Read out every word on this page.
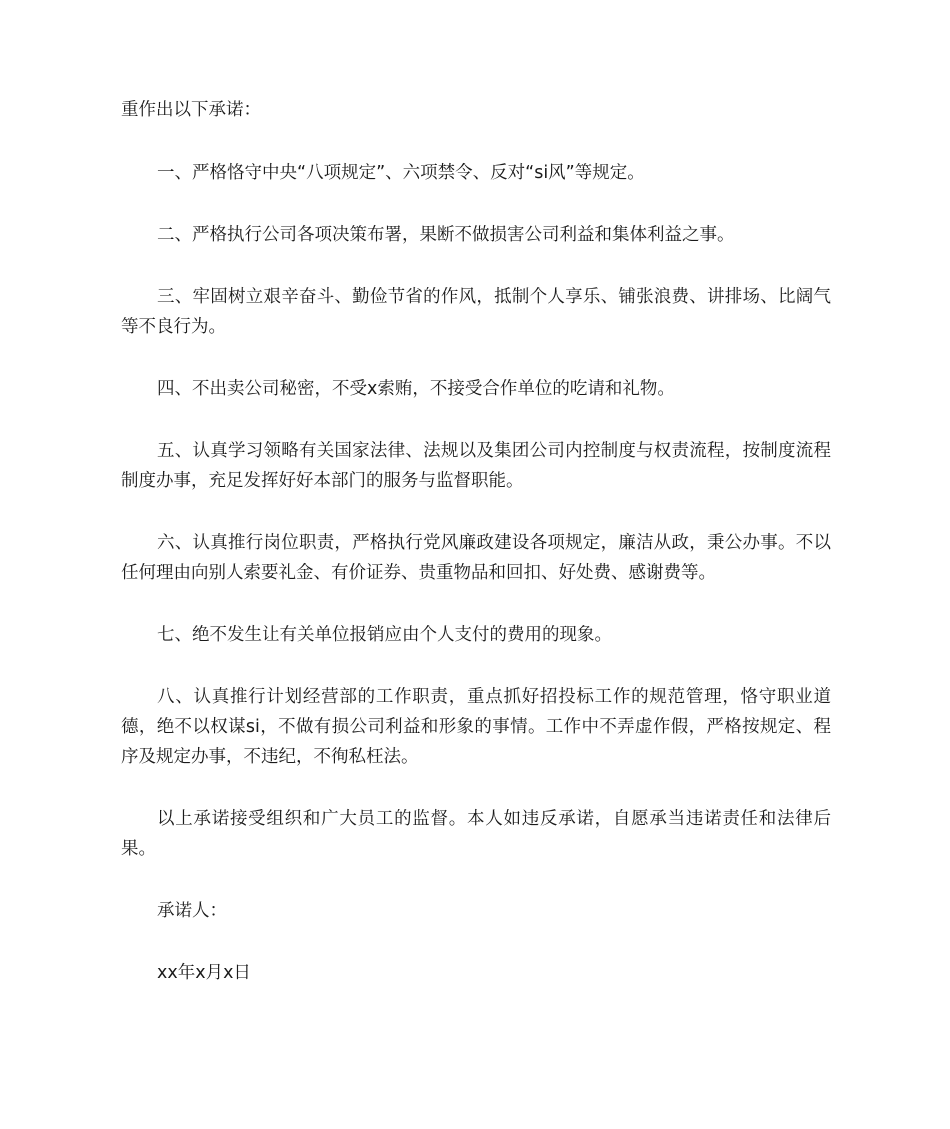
重作出以下承诺：

一、严格恪守中央“八项规定”、六项禁令、反对“si风”等规定。

二、严格执行公司各项决策布署，果断不做损害公司利益和集体利益之事。

三、牢固树立艰辛奋斗、勤俭节省的作风，抵制个人享乐、铺张浪费、讲排场、比阔气等不良行为。

四、不出卖公司秘密，不受x索贿，不接受合作单位的吃请和礼物。

五、认真学习领略有关国家法律、法规以及集团公司内控制度与权责流程，按制度流程制度办事，充足发挥好好本部门的服务与监督职能。

六、认真推行岗位职责，严格执行党风廉政建设各项规定，廉洁从政，秉公办事。不以任何理由向别人索要礼金、有价证券、贵重物品和回扣、好处费、感谢费等。

七、绝不发生让有关单位报销应由个人支付的费用的现象。

八、认真推行计划经营部的工作职责，重点抓好招投标工作的规范管理，恪守职业道德，绝不以权谋si，不做有损公司利益和形象的事情。工作中不弄虚作假，严格按规定、程序及规定办事，不违纪，不徇私枉法。

以上承诺接受组织和广大员工的监督。本人如违反承诺，自愿承当违诺责任和法律后果。

承诺人：

xx年x月x日
